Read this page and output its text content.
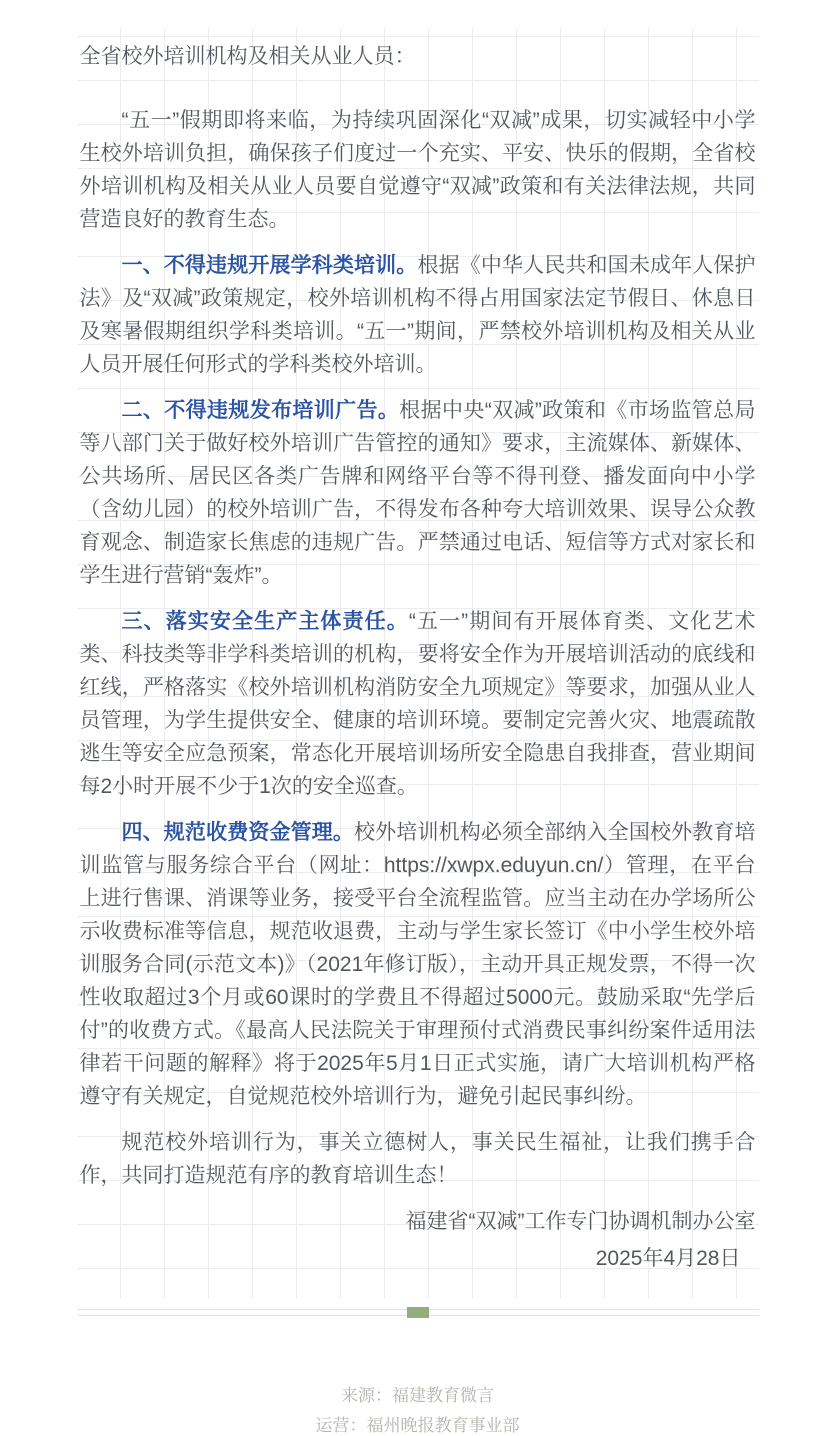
全省校外培训机构及相关从业人员：

“五一”假期即将来临，为持续巩固深化“双减”成果，切实减轻中小学生校外培训负担，确保孩子们度过一个充实、平安、快乐的假期，全省校外培训机构及相关从业人员要自觉遵守“双减”政策和有关法律法规，共同营造良好的教育生态。

一、不得违规开展学科类培训。根据《中华人民共和国未成年人保护法》及“双减”政策规定，校外培训机构不得占用国家法定节假日、休息日及寒暑假期组织学科类培训。“五一”期间，严禁校外培训机构及相关从业人员开展任何形式的学科类校外培训。

二、不得违规发布培训广告。根据中央“双减”政策和《市场监管总局等八部门关于做好校外培训广告管控的通知》要求，主流媒体、新媒体、公共场所、居民区各类广告牌和网络平台等不得刊登、播发面向中小学（含幼儿园）的校外培训广告，不得发布各种夸大培训效果、误导公众教育观念、制造家长焦虑的违规广告。严禁通过电话、短信等方式对家长和学生进行营销“轰炸”。

三、落实安全生产主体责任。“五一”期间有开展体育类、文化艺术类、科技类等非学科类培训的机构，要将安全作为开展培训活动的底线和红线，严格落实《校外培训机构消防安全九项规定》等要求，加强从业人员管理，为学生提供安全、健康的培训环境。要制定完善火灾、地震疏散逃生等安全应急预案，常态化开展培训场所安全隐患自我排查，营业期间每2小时开展不少于1次的安全巡查。

四、规范收费资金管理。校外培训机构必须全部纳入全国校外教育培训监管与服务综合平台（网址：https://xwpx.eduyun.cn/）管理，在平台上进行售课、消课等业务，接受平台全流程监管。应当主动在办学场所公示收费标准等信息，规范收退费，主动与学生家长签订《中小学生校外培训服务合同(示范文本)》（2021年修订版），主动开具正规发票，不得一次性收取超过3个月或60课时的学费且不得超过5000元。鼓励采取“先学后付”的收费方式。《最高人民法院关于审理预付式消费民事纠纷案件适用法律若干问题的解释》将于2025年5月1日正式实施，请广大培训机构严格遵守有关规定，自觉规范校外培训行为，避免引起民事纠纷。

规范校外培训行为，事关立德树人，事关民生福祉，让我们携手合作，共同打造规范有序的教育培训生态！

福建省“双减”工作专门协调机制办公室

2025年4月28日

来源：福建教育微言

运营：福州晚报教育事业部
